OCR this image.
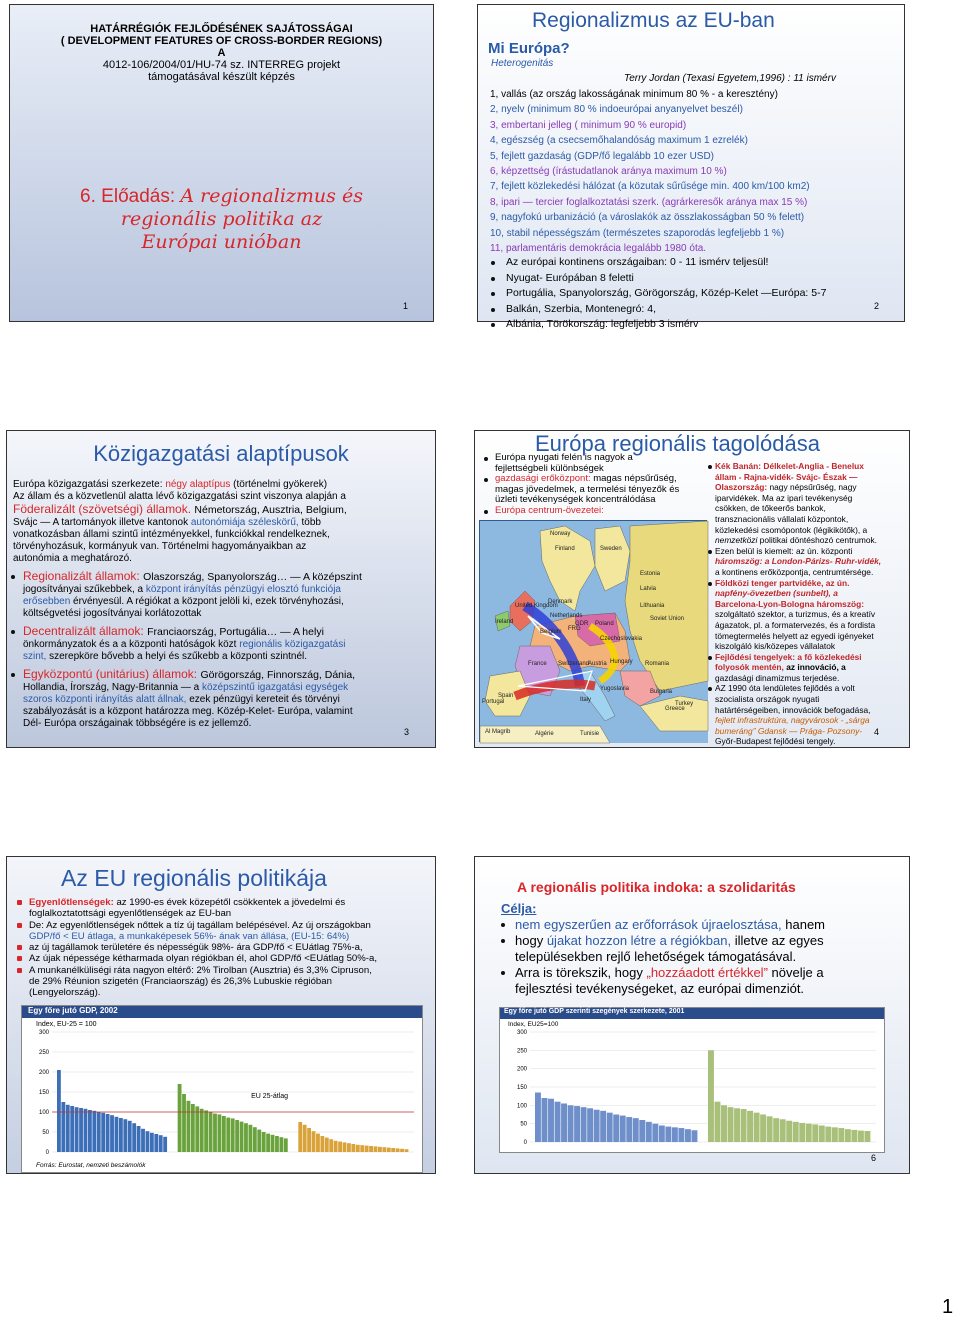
HATÁRRÉGIÓK FEJLŐDÉSÉNEK SAJÁTOSSÁGAI
( DEVELOPMENT FEATURES OF CROSS-BORDER REGIONS)
A
4012-106/2004/01/HU-74 sz. INTERREG projekt
támogatásával készült képzés
6. Előadás: A regionalizmus és
regionális politika az
Európai unióban
1
Regionalizmus az EU-ban
Mi Európa?
Heterogenitás
Terry Jordan (Texasi Egyetem,1996) : 11 ismérv
1, vallás (az ország lakosságának minimum 80 % - a keresztény)
2, nyelv (minimum 80 % indoeurópai anyanyelvet beszél)
3, embertani jelleg ( minimum 90 % europid)
4, egészség (a csecsemőhalandóság maximum 1 ezrelék)
5, fejlett gazdaság (GDP/fő legalább 10 ezer USD)
6, képzettség (írástudatlanok aránya maximum 10 %)
7, fejlett közlekedési hálózat (a közutak sűrűsége min. 400 km/100 km2)
8, ipari — tercier foglalkoztatási szerk. (agrárkeresők aránya max 15 %)
9, nagyfokú urbanizáció (a városlakók az összlakosságban 50 % felett)
10, stabil népességszám (természetes szaporodás legfeljebb 1 %)
11, parlamentáris demokrácia legalább 1980 óta.
Az európai kontinens országaiban: 0 - 11 ismérv teljesül!
Nyugat- Európában 8 feletti
Portugália, Spanyolország, Görögország, Közép-Kelet —Európa: 5-7
Balkán, Szerbia, Montenegró: 4,
Albánia, Törökország: legfeljebb 3 ismérv
2
Közigazgatási alaptípusok
Európa közigazgatási szerkezete: négy alaptípus (történelmi gyökerek)
Az állam és a közvetlenül alatta lévő közigazgatási szint viszonya alapján a
Föderalizált (szövetségi) államok. Németország, Ausztria, Belgium,
Svájc — A tartományok illetve kantonok autonómiája széleskörű, több
vonatkozásban állami szintű intézményekkel, funkciókkal rendelkeznek,
törvényhozásuk, kormányuk van. Történelmi hagyományaikban az
autonómia a meghatározó.
Regionalizált államok: Olaszország, Spanyolország… — A középszint
jogosítványai szűkebbek, a központ irányítás pénzügyi elosztó funkciója
erősebben érvényesül. A régiókat a központ jelöli ki, ezek törvényhozási,
költségvetési jogosítványai korlátozottak
Decentralizált államok: Franciaország, Portugália… — A helyi
önkormányzatok és a a központi hatóságok közt regionális közigazgatási
szint, szerepköre bővebb a helyi és szűkebb a központi szintnél.
Egyközpontú (unitárius) államok: Görögország, Finnország, Dánia,
Hollandia, Írország, Nagy-Britannia — a középszintű igazgatási egységek
szoros központi irányítás alatt állnak, ezek pénzügyi kereteit és törvényi
szabályozását is a központ határozza meg. Közép-Kelet- Európa, valamint
Dél- Európa országainak többségére is ez jellemző.
3
Európa regionális tagolódása
Európa nyugati felén is nagyok a
fejlettségbeli különbségek
gazdasági erőközpont: magas népsűrűség,
magas jövedelmek, a termelési tényezők és
üzleti tevékenységek koncentrálódása
Európa centrum-övezetei:
Kék Banán: Délkelet-Anglia - Benelux
állam - Rajna-vidék- Svájc- Észak —
Olaszország: nagy népsűrűség, nagy
iparvidékek. Ma az ipari tevékenység
csökken, de tőkeerős bankok,
transznacionális vállalati központok,
közlekedési csomópontok (légikikötők), a
nemzetközi politikai döntéshozó centrumok.
Ezen belül is kiemelt: az ún. központi
háromszög: a London-Párizs- Ruhr-vidék,
a kontinens erőközpontja, centrumtérsége.
Földközi tenger partvidéke, az ún.
napfény-övezetben (sunbelt), a
Barcelona-Lyon-Bologna háromszög:
szolgáltató szektor, a turizmus, és a kreatív
ágazatok, pl. a formatervezés, és a fordista
tömegtermelés helyett az egyedi igényeket
kiszolgáló kis/közepes vállalatok
Fejlődési tengelyek: a fő közlekedési
folyosók mentén, az innováció, a
gazdasági dinamizmus terjedése.
AZ 1990 óta lendületes fejlődés a volt
szocialista országok nyugati
határtérségeiben, innovációk befogadása,
fejlett infrastruktúra, nagyvárosok - „sárga
bumeráng” Gdansk — Prága- Pozsony-
Győr-Budapest fejlődési tengely.
4
Finland	Sweden
Norway
Estonia
Latvia
Lithuania
Soviet Union
Denmark
United Kingdom
Ireland
Netherlands
Belgium
Poland
FRG
GDR
Czechoslovakia
France Switzerland
Austria Hungary Romania
Yugoslavia	Bulgaria
Italy
Spain
Portugal
Greece
Turkey
Al Magrib	Algérie	Tunisie
Az EU regionális politikája
Egyenlőtlenségek: az 1990-es évek közepétől csökkentek a jövedelmi és
foglalkoztatottsági egyenlőtlenségek az EU-ban
De: Az egyenlőtlenségek nőttek a tíz új tagállam belépésével. Az új országokban
GDP/fő < EU átlaga, a munkaképesek 56%- ának van állása, (EU-15: 64%)
az új tagállamok területére és népességük 98%- ára GDP/fő < EUátlag 75%-a,
Az újak népessége kétharmada olyan régiókban él, ahol GDP/fő <EUátlag 50%-a,
A munkanélküliségi ráta nagyon eltérő: 2% Tirolban (Ausztria) és 3,3% Cipruson,
de 29% Réunion szigetén (Franciaország) és 26,3% Lubuskie régióban
(Lengyelország).
Egy főre jutó GDP, 2002
Index, EU-25 = 100
0
50
100
150
200
250
300
EU 25-átlag
Forrás: Eurostat, nemzeti beszámolók
A regionális politika indoka: a szolidaritás
Célja:
nem egyszerűen az erőforrások újraelosztása, hanem
hogy újakat hozzon létre a régiókban, illetve az egyes
településekben rejlő lehetőségek támogatásával.
Arra is törekszik, hogy „hozzáadott értékkel” növelje a
fejlesztési tevékenységeket, az európai dimenziót.
Egy főre jutó GDP szerinti szegények szerkezete, 2001
Index, EU25=100
0
50
100
150
200
250
300
6
1
